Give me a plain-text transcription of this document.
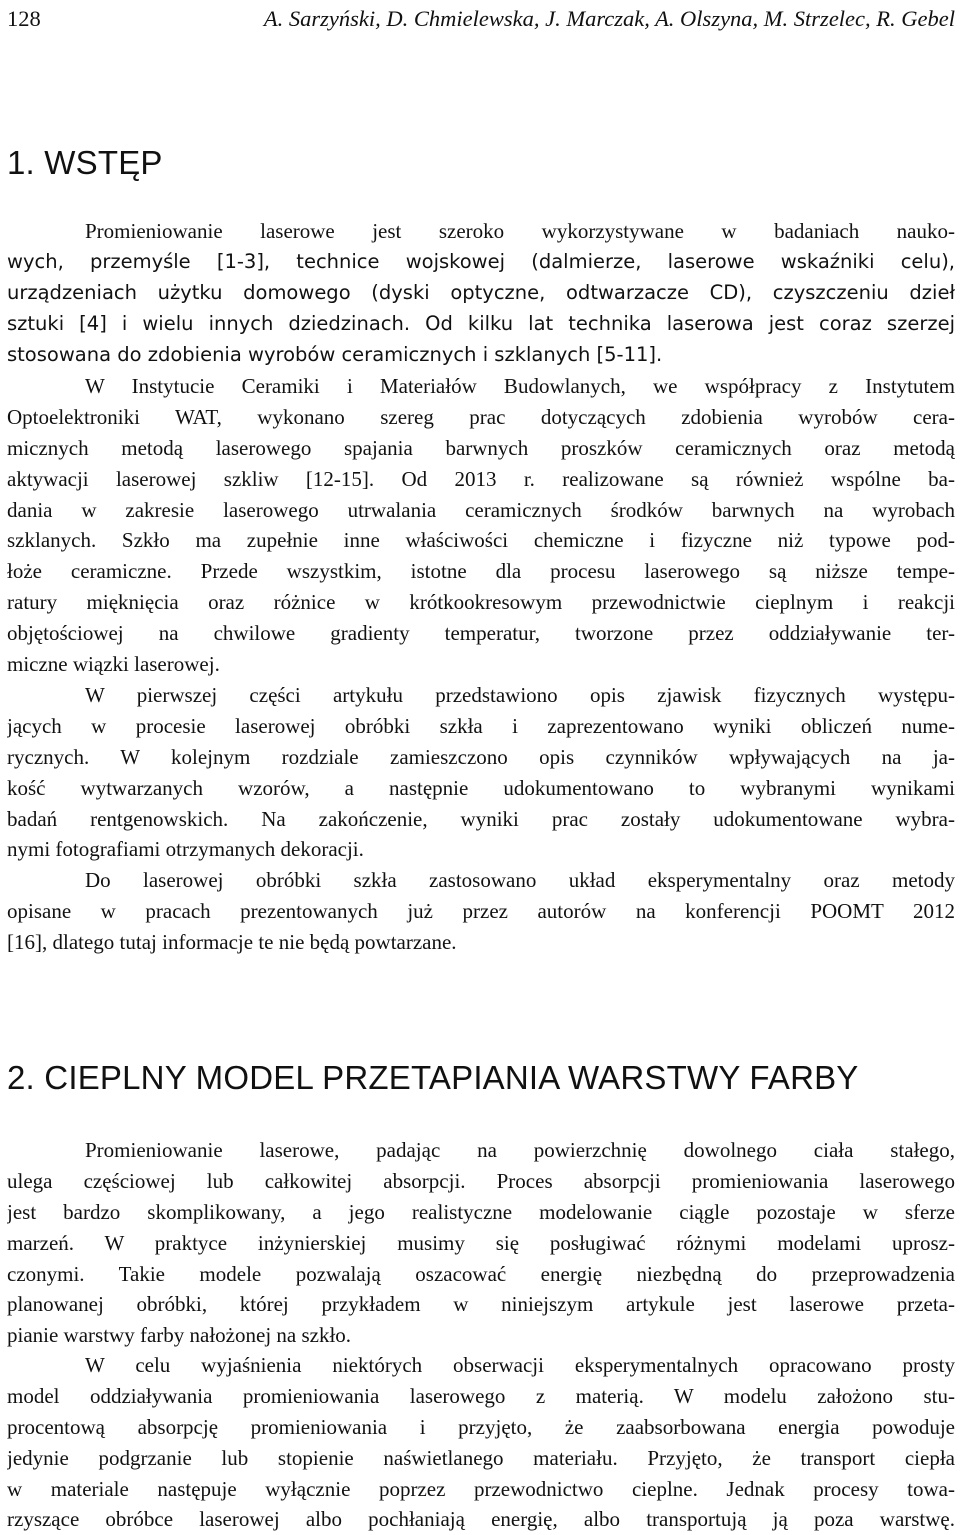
128	A. Sarzyński, D. Chmielewska, J. Marczak, A. Olszyna, M. Strzelec, R. Gebel
1. WSTĘP
Promieniowanie laserowe jest szeroko wykorzystywane w badaniach nauko-
wych, przemyśle [1-3], technice wojskowej (dalmierze, laserowe wskaźniki celu),
urządzeniach użytku domowego (dyski optyczne, odtwarzacze CD), czyszczeniu dzieł
sztuki [4] i wielu innych dziedzinach. Od kilku lat technika laserowa jest coraz szerzej
stosowana do zdobienia wyrobów ceramicznych i szklanych [5-11].
W Instytucie Ceramiki i Materiałów Budowlanych, we współpracy z Instytutem
Optoelektroniki WAT, wykonano szereg prac dotyczących zdobienia wyrobów cera-
micznych metodą laserowego spajania barwnych proszków ceramicznych oraz metodą
aktywacji laserowej szkliw [12-15]. Od 2013 r. realizowane są również wspólne ba-
dania w zakresie laserowego utrwalania ceramicznych środków barwnych na wyrobach
szklanych. Szkło ma zupełnie inne właściwości chemiczne i fizyczne niż typowe pod-
łoże ceramiczne. Przede wszystkim, istotne dla procesu laserowego są niższe tempe-
ratury mięknięcia oraz różnice w krótkookresowym przewodnictwie cieplnym i reakcji
objętościowej na chwilowe gradienty temperatur, tworzone przez oddziaływanie ter-
miczne wiązki laserowej.
W pierwszej części artykułu przedstawiono opis zjawisk fizycznych występu-
jących w procesie laserowej obróbki szkła i zaprezentowano wyniki obliczeń nume-
rycznych. W kolejnym rozdziale zamieszczono opis czynników wpływających na ja-
kość wytwarzanych wzorów, a następnie udokumentowano to wybranymi wynikami
badań rentgenowskich. Na zakończenie, wyniki prac zostały udokumentowane wybra-
nymi fotografiami otrzymanych dekoracji.
Do laserowej obróbki szkła zastosowano układ eksperymentalny oraz metody
opisane w pracach prezentowanych już przez autorów na konferencji POOMT 2012
[16], dlatego tutaj informacje te nie będą powtarzane.
2. CIEPLNY MODEL PRZETAPIANIA WARSTWY FARBY
Promieniowanie laserowe, padając na powierzchnię dowolnego ciała stałego,
ulega częściowej lub całkowitej absorpcji. Proces absorpcji promieniowania laserowego
jest bardzo skomplikowany, a jego realistyczne modelowanie ciągle pozostaje w sferze
marzeń. W praktyce inżynierskiej musimy się posługiwać różnymi modelami uprosz-
czonymi. Takie modele pozwalają oszacować energię niezbędną do przeprowadzenia
planowanej obróbki, której przykładem w niniejszym artykule jest laserowe przeta-
pianie warstwy farby nałożonej na szkło.
W celu wyjaśnienia niektórych obserwacji eksperymentalnych opracowano prosty
model oddziaływania promieniowania laserowego z materią. W modelu założono stu-
procentową absorpcję promieniowania i przyjęto, że zaabsorbowana energia powoduje
jedynie podgrzanie lub stopienie naświetlanego materiału. Przyjęto, że transport ciepła
w materiale następuje wyłącznie poprzez przewodnictwo cieplne. Jednak procesy towa-
rzyszące obróbce laserowej albo pochłaniają energię, albo transportują ją poza warstwę.
